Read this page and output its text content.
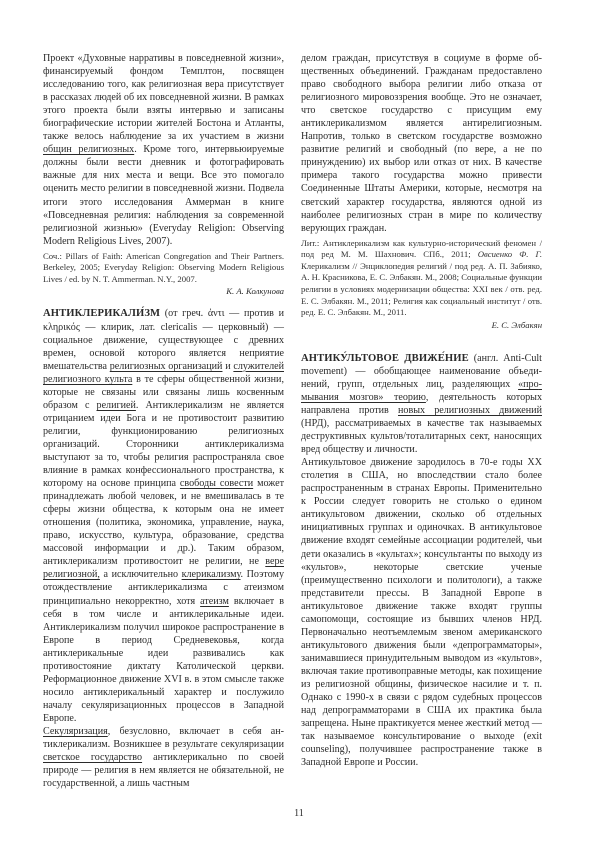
Проект «Духовные нарративы в повседневной жизни», финансируемый фондом Темплтон, посвящен исследованию того, как религиозная вера присутствует в рассказах людей об их повседневной жизни. В рамках этого проекта были взяты интервью и записаны биографические истории жителей Бостона и Атланты, также велось наблюдение за их участием в жизни общин религиозных. Кроме того, интервьюируемые должны были вести дневник и фотографировать важные для них места и вещи. Все это помогало оценить место религии в повседневной жизни. Подвела итоги этого исследования Аммерман в книге «Повседневная религия: наблюдения за современной религиозной жизнью» (Everyday Religion: Observing Modern Religious Lives, 2007).

Соч.: Pillars of Faith: American Congregation and Their Partners. Berkeley, 2005; Everyday Religion: Observing Modern Religious Lives / ed. by N. T. Ammerman. N.Y., 2007.

К. А. Колкунова

АНТИКЛЕРИКАЛИ́ЗМ (от греч. ἀντι — против и κληρικός — клирик, лат. clericalis — церковный) — социальное движение, существующее с древних времен, основой которого является неприятие вмешательства религиозных организаций и служителей религиозного культа в те сферы общественной жизни, которые не связаны или связаны лишь косвенным образом с религией. Антиклерикализм не является отрицанием идеи Бога и не противостоит развитию религии, функционированию религиозных организаций. Сторонники антиклерикализма выступают за то, чтобы религия распространяла свое влияние в рамках конфессионального пространства, к которому на основе принципа свободы совести может принадлежать любой человек, и не вмешивалась в те сферы жизни общества, к которым она не имеет отношения (политика, экономика, управление, наука, право, искусство, культура, образование, средства массовой информации и др.). Таким образом, антиклерикализм противостоит не религии, не вере религиозной, а исключительно клерикализму. Поэтому отождествление антиклерикализма с атеизмом принципиально некорректно, хотя атеизм включает в себя в том числе и антиклерикальные идеи. Антиклерикализм получил широкое распространение в Европе в период Средневековья, когда антиклерикальные идеи развивались как противостояние диктату Католической церкви. Реформационное движение XVI в. в этом смысле также носило антиклерикальный характер и послужило началу секуляризационных процессов в Западной Европе.

Секуляризация, безусловно, включает в себя антиклерикализм. Возникшее в результате секуляризации светское государство антиклерикально по своей природе — религия в нем является не обязательной, не государственной, а лишь частным

делом граждан, присутствуя в социуме в форме общественных объединений. Гражданам предоставлено право свободного выбора религии либо отказа от религиозного мировоззрения вообще. Это не означает, что светское государство с присущим ему антиклерикализмом является антирелигиозным. Напротив, только в светском государстве возможно развитие религий и свободный (по вере, а не по принуждению) их выбор или отказ от них. В качестве примера такого государства можно привести Соединенные Штаты Америки, которые, несмотря на светский характер государства, являются одной из наиболее религиозных стран в мире по количеству верующих граждан.

Лит.: Антиклерикализм как культурно-исторический феномен / под ред М. М. Шахнович. СПб., 2011; Овсиенко Ф. Г. Клерикализм // Энциклопедия религий / под ред. А. П. Забияко, А. Н. Красникова, Е. С. Элбакян. М., 2008; Социальные функции религии в условиях модернизации общества: XXI век / отв. ред. Е. С. Элбакян. М., 2011; Религия как социальный институт / отв. ред. Е. С. Элбакян. М., 2011.

Е. С. Элбакян

АНТИКУ́ЛЬТОВОЕ ДВИЖЕ́НИЕ (англ. Anti-Cult movement) — обобщающее наименование объединений, групп, отдельных лиц, разделяющих «промывания мозгов» теорию, деятельность которых направлена против новых религиозных движений (НРД), рассматриваемых в качестве так называемых деструктивных культов/тоталитарных сект, наносящих вред обществу и личности.

Антикультовое движение зародилось в 70-е годы XX столетия в США, но впоследствии стало более распространенным в странах Европы. Применительно к России следует говорить не столько о едином антикультовом движении, сколько об отдельных инициативных группах и одиночках. В антикультовое движение входят семейные ассоциации родителей, чьи дети оказались в «культах»; консультанты по выходу из «культов», некоторые светские ученые (преимущественно психологи и политологи), а также представители прессы. В Западной Европе в антикультовое движение также входят группы самопомощи, состоящие из бывших членов НРД. Первоначально неотъемлемым звеном американского антикультового движения были «депрограмматоры», занимавшиеся принудительным выводом из «культов», включая такие противоправные методы, как похищение из религиозной общины, физическое насилие и т. п. Однако с 1990-х в связи с рядом судебных процессов над депрограмматорами в США их практика была запрещена. Ныне практикуется менее жесткий метод — так называемое консультирование о выходе (exit counseling), получившее распространение также в Западной Европе и России.

11
